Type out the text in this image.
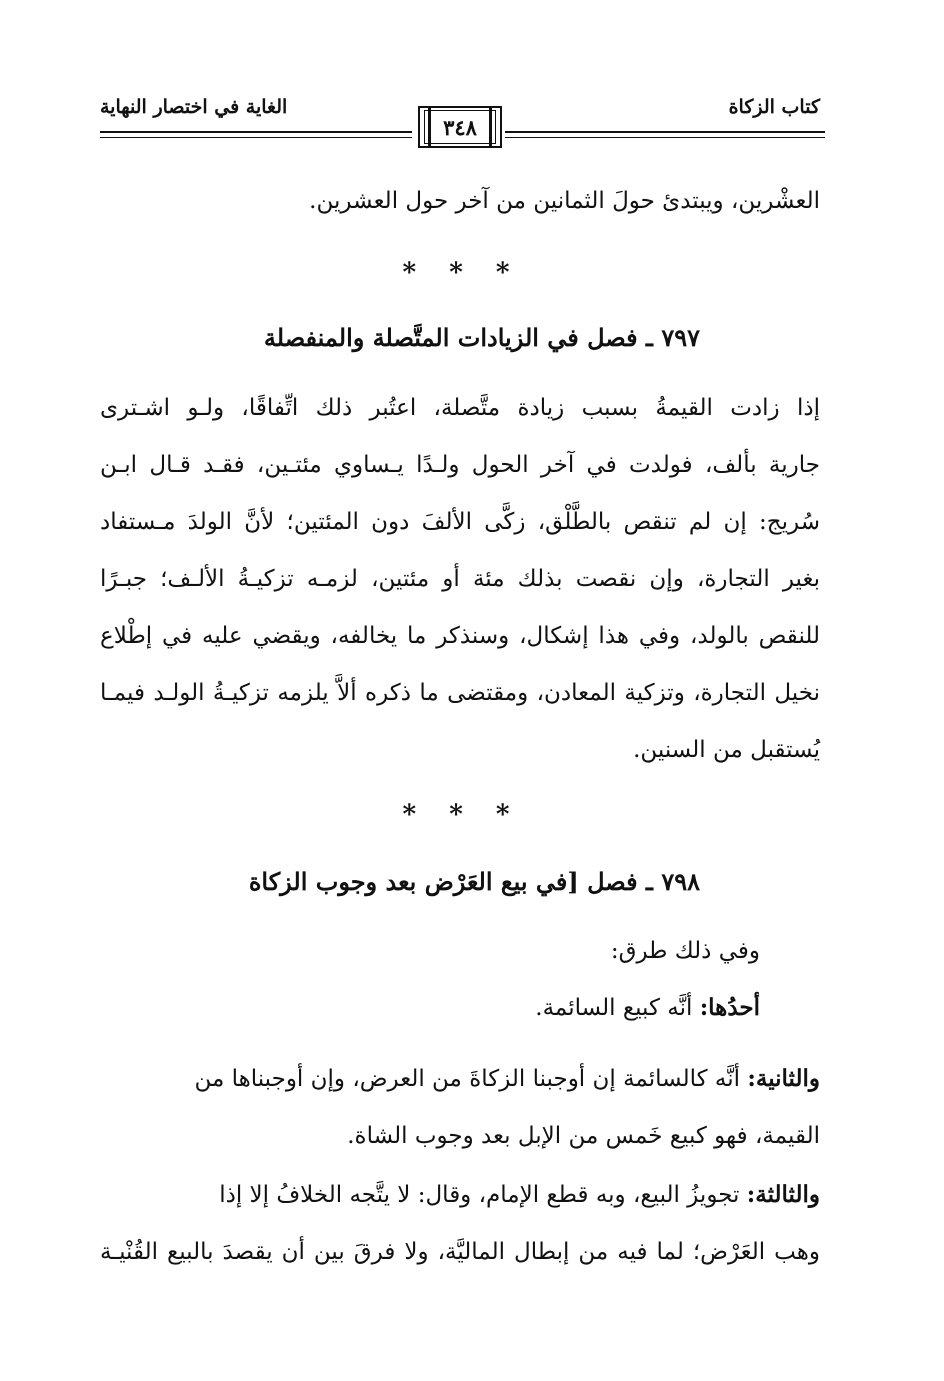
كتاب الزكاة
الغاية في اختصار النهاية
٣٤٨
العشْرين، ويبتدئ حولَ الثمانين من آخر حول العشرين.
* * *
٧٩٧ ـ فصل في الزيادات المتَّصلة والمنفصلة
إذا زادت القيمةُ بسبب زيادة متَّصلة، اعتُبر ذلك اتِّفاقًا، ولـو اشـترى
جارية بألف، فولدت في آخر الحول ولـدًا يـساوي مئتـين، فقـد قـال ابـن
سُريج: إن لم تنقص بالطَّلْق، زكَّى الألفَ دون المئتين؛ لأنَّ الولدَ مـستفاد
بغير التجارة، وإن نقصت بذلك مئة أو مئتين، لزمـه تزكيـةُ الألـف؛ جبـرًا
للنقص بالولد، وفي هذا إشكال، وسنذكر ما يخالفه، ويقضي عليه في إطْلاع
نخيل التجارة، وتزكية المعادن، ومقتضى ما ذكره ألاَّ يلزمه تزكيـةُ الولـد فيمـا
يُستقبل من السنين.
* * *
٧٩٨ ـ فصل [في بيع العَرْض بعد وجوب الزكاة
وفي ذلك طرق:
أحدُها: أنَّه كبيع السائمة.
والثانية: أنَّه كالسائمة إن أوجبنا الزكاةَ من العرض، وإن أوجبناها من
القيمة، فهو كبيع خَمس من الإبل بعد وجوب الشاة.
والثالثة: تجويزُ البيع، وبه قطع الإمام، وقال: لا يتَّجه الخلافُ إلا إذا
وهب العَرْض؛ لما فيه من إبطال الماليَّة، ولا فرقَ بين أن يقصدَ بالبيع القُنْيـة
